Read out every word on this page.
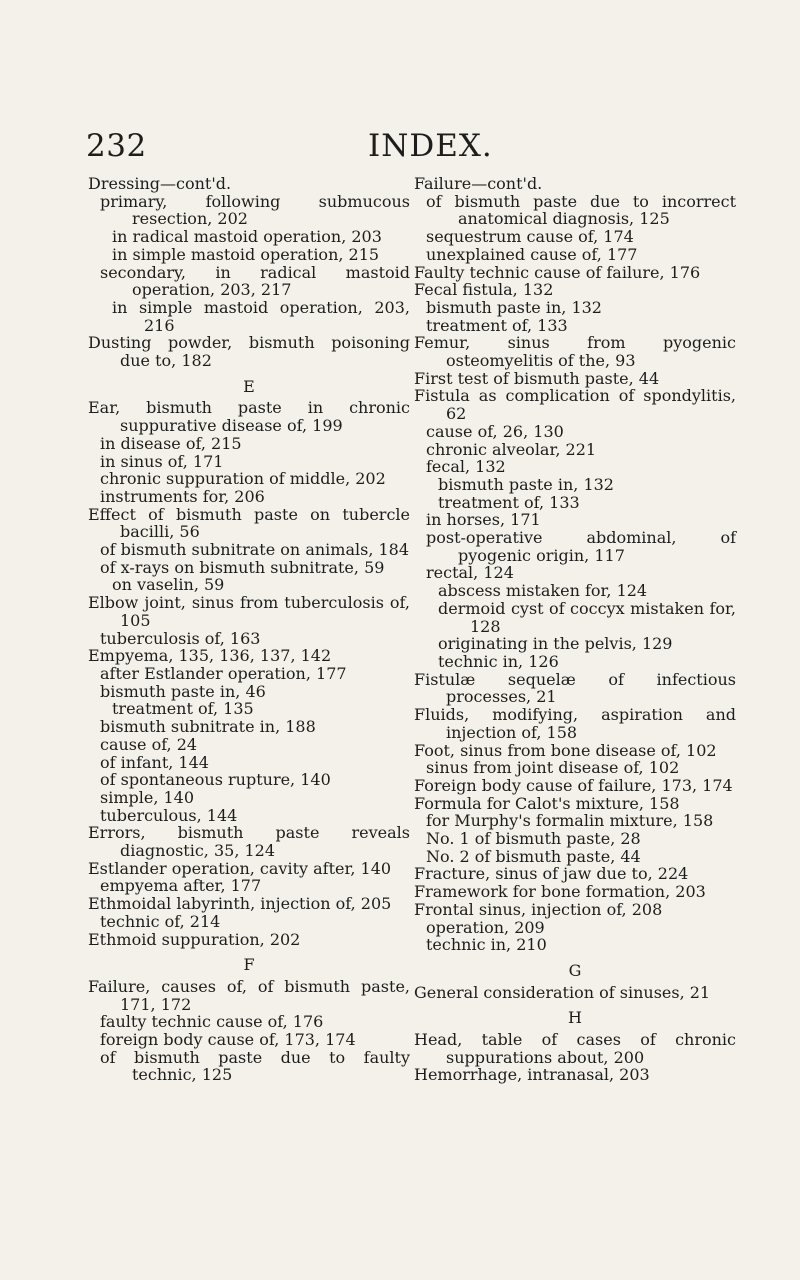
232	INDEX.

Dressing—cont'd.

primary, following submucous resection, 202

in radical mastoid operation, 203

in simple mastoid operation, 215

secondary, in radical mastoid operation, 203, 217

in simple mastoid operation, 203, 216

Dusting powder, bismuth poisoning due to, 182

E

Ear, bismuth paste in chronic suppurative disease of, 199

in disease of, 215

in sinus of, 171

chronic suppuration of middle, 202

instruments for, 206

Effect of bismuth paste on tubercle bacilli, 56

of bismuth subnitrate on animals, 184

of x-rays on bismuth subnitrate, 59

on vaselin, 59

Elbow joint, sinus from tuberculosis of, 105

tuberculosis of, 163

Empyema, 135, 136, 137, 142

after Estlander operation, 177

bismuth paste in, 46

treatment of, 135

bismuth subnitrate in, 188

cause of, 24

of infant, 144

of spontaneous rupture, 140

simple, 140

tuberculous, 144

Errors, bismuth paste reveals diagnostic, 35, 124

Estlander operation, cavity after, 140

empyema after, 177

Ethmoidal labyrinth, injection of, 205

technic of, 214

Ethmoid suppuration, 202

F

Failure, causes of, of bismuth paste, 171, 172

faulty technic cause of, 176

foreign body cause of, 173, 174

of bismuth paste due to faulty technic, 125

Failure—cont'd.

of bismuth paste due to incorrect anatomical diagnosis, 125

sequestrum cause of, 174

unexplained cause of, 177

Faulty technic cause of failure, 176

Fecal fistula, 132

bismuth paste in, 132

treatment of, 133

Femur, sinus from pyogenic osteomyelitis of the, 93

First test of bismuth paste, 44

Fistula as complication of spondylitis, 62

cause of, 26, 130

chronic alveolar, 221

fecal, 132

bismuth paste in, 132

treatment of, 133

in horses, 171

post-operative abdominal, of pyogenic origin, 117

rectal, 124

abscess mistaken for, 124

dermoid cyst of coccyx mistaken for, 128

originating in the pelvis, 129

technic in, 126

Fistulæ sequelæ of infectious processes, 21

Fluids, modifying, aspiration and injection of, 158

Foot, sinus from bone disease of, 102

sinus from joint disease of, 102

Foreign body cause of failure, 173, 174

Formula for Calot's mixture, 158

for Murphy's formalin mixture, 158

No. 1 of bismuth paste, 28

No. 2 of bismuth paste, 44

Fracture, sinus of jaw due to, 224

Framework for bone formation, 203

Frontal sinus, injection of, 208

operation, 209

technic in, 210

G

General consideration of sinuses, 21

H

Head, table of cases of chronic suppurations about, 200

Hemorrhage, intranasal, 203
